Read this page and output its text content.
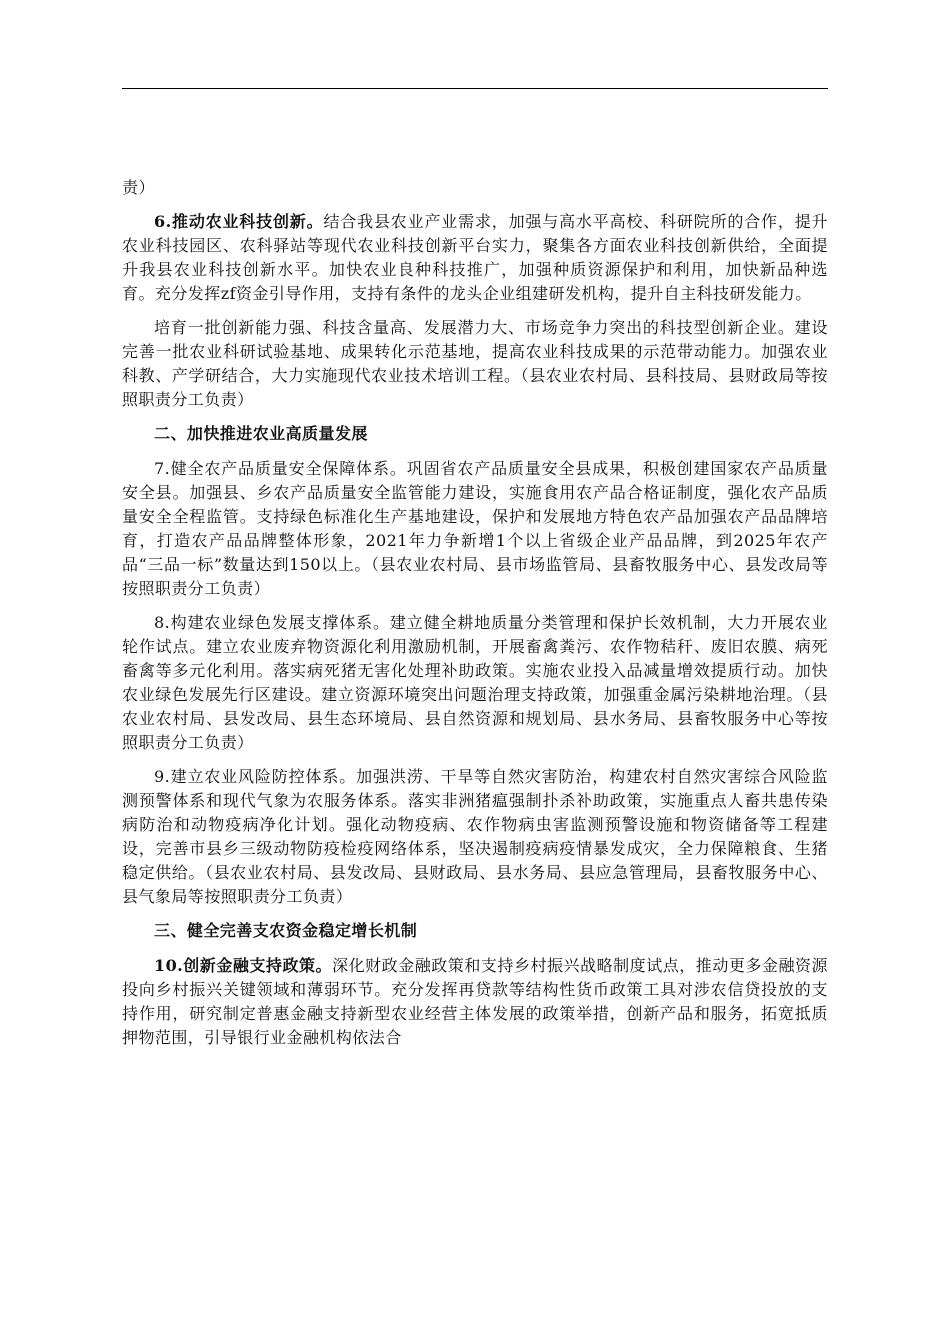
责）

6.推动农业科技创新。结合我县农业产业需求，加强与高水平高校、科研院所的合作，提升农业科技园区、农科驿站等现代农业科技创新平台实力，聚集各方面农业科技创新供给，全面提升我县农业科技创新水平。加快农业良种科技推广，加强种质资源保护和利用，加快新品种选育。充分发挥zf资金引导作用，支持有条件的龙头企业组建研发机构，提升自主科技研发能力。

培育一批创新能力强、科技含量高、发展潜力大、市场竞争力突出的科技型创新企业。建设完善一批农业科研试验基地、成果转化示范基地，提高农业科技成果的示范带动能力。加强农业科教、产学研结合，大力实施现代农业技术培训工程。（县农业农村局、县科技局、县财政局等按照职责分工负责）

二、加快推进农业高质量发展

7.健全农产品质量安全保障体系。巩固省农产品质量安全县成果，积极创建国家农产品质量安全县。加强县、乡农产品质量安全监管能力建设，实施食用农产品合格证制度，强化农产品质量安全全程监管。支持绿色标准化生产基地建设，保护和发展地方特色农产品加强农产品品牌培育，打造农产品品牌整体形象，2021年力争新增1个以上省级企业产品品牌，到2025年农产品“三品一标”数量达到150以上。（县农业农村局、县市场监管局、县畜牧服务中心、县发改局等按照职责分工负责）

8.构建农业绿色发展支撑体系。建立健全耕地质量分类管理和保护长效机制，大力开展农业轮作试点。建立农业废弃物资源化利用激励机制，开展畜禽粪污、农作物秸秆、废旧农膜、病死畜禽等多元化利用。落实病死猪无害化处理补助政策。实施农业投入品减量增效提质行动。加快农业绿色发展先行区建设。建立资源环境突出问题治理支持政策，加强重金属污染耕地治理。（县农业农村局、县发改局、县生态环境局、县自然资源和规划局、县水务局、县畜牧服务中心等按照职责分工负责）

9.建立农业风险防控体系。加强洪涝、干旱等自然灾害防治，构建农村自然灾害综合风险监测预警体系和现代气象为农服务体系。落实非洲猪瘟强制扑杀补助政策，实施重点人畜共患传染病防治和动物疫病净化计划。强化动物疫病、农作物病虫害监测预警设施和物资储备等工程建设，完善市县乡三级动物防疫检疫网络体系，坚决遏制疫病疫情暴发成灾，全力保障粮食、生猪稳定供给。（县农业农村局、县发改局、县财政局、县水务局、县应急管理局，县畜牧服务中心、县气象局等按照职责分工负责）

三、健全完善支农资金稳定增长机制

10.创新金融支持政策。深化财政金融政策和支持乡村振兴战略制度试点，推动更多金融资源投向乡村振兴关键领域和薄弱环节。充分发挥再贷款等结构性货币政策工具对涉农信贷投放的支持作用，研究制定普惠金融支持新型农业经营主体发展的政策举措，创新产品和服务，拓宽抵质押物范围，引导银行业金融机构依法合
